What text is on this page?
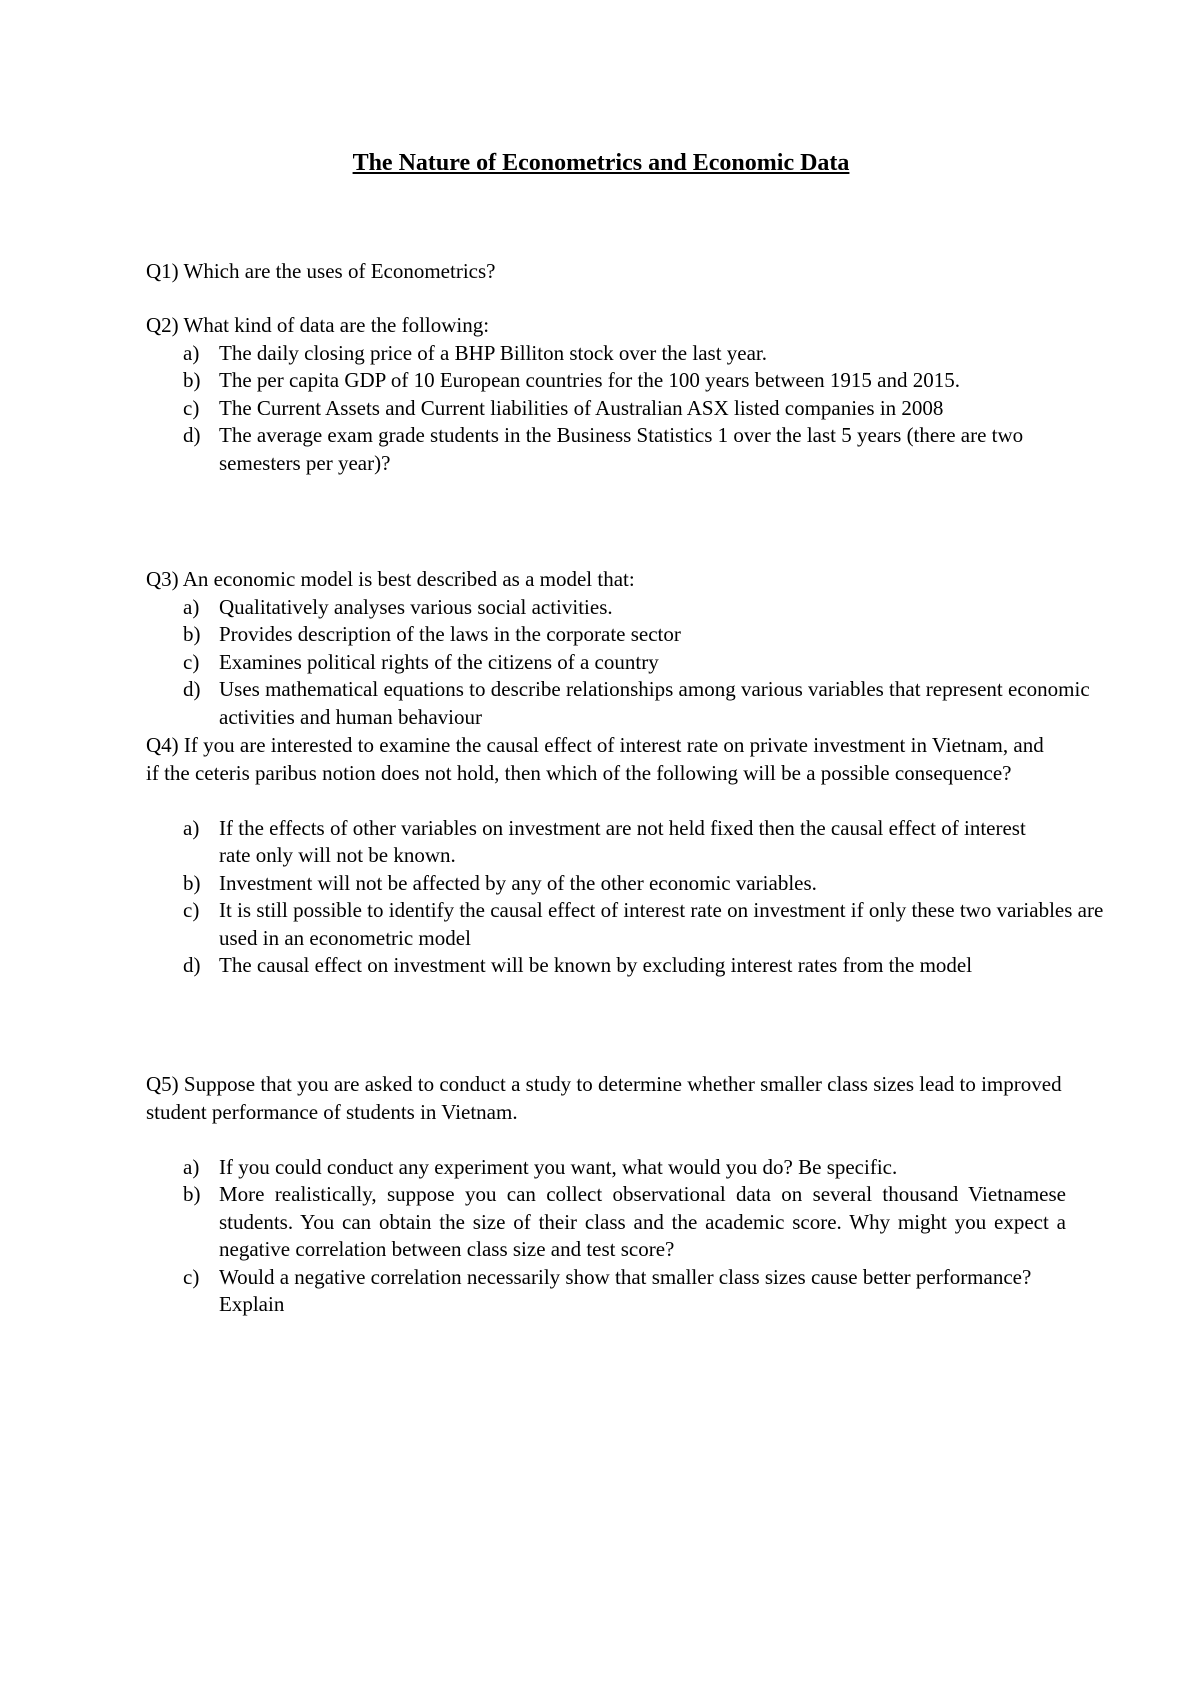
The Nature of Econometrics and Economic Data

Q1) Which are the uses of Econometrics?

Q2) What kind of data are the following:

a) The daily closing price of a BHP Billiton stock over the last year.
b) The per capita GDP of 10 European countries for the 100 years between 1915 and 2015.
c) The Current Assets and Current liabilities of Australian ASX listed companies in 2008
d) The average exam grade students in the Business Statistics 1 over the last 5 years (there are two semesters per year)?

Q3) An economic model is best described as a model that:

a) Qualitatively analyses various social activities.
b) Provides description of the laws in the corporate sector
c) Examines political rights of the citizens of a country
d) Uses mathematical equations to describe relationships among various variables that represent economic activities and human behaviour

Q4) If you are interested to examine the causal effect of interest rate on private investment in Vietnam, and if the ceteris paribus notion does not hold, then which of the following will be a possible consequence?

a) If the effects of other variables on investment are not held fixed then the causal effect of interest rate only will not be known.
b) Investment will not be affected by any of the other economic variables.
c) It is still possible to identify the causal effect of interest rate on investment if only these two variables are used in an econometric model
d) The causal effect on investment will be known by excluding interest rates from the model

Q5) Suppose that you are asked to conduct a study to determine whether smaller class sizes lead to improved student performance of students in Vietnam.

a) If you could conduct any experiment you want, what would you do? Be specific.
b) More realistically, suppose you can collect observational data on several thousand Vietnamese students. You can obtain the size of their class and the academic score. Why might you expect a negative correlation between class size and test score?
c) Would a negative correlation necessarily show that smaller class sizes cause better performance? Explain
